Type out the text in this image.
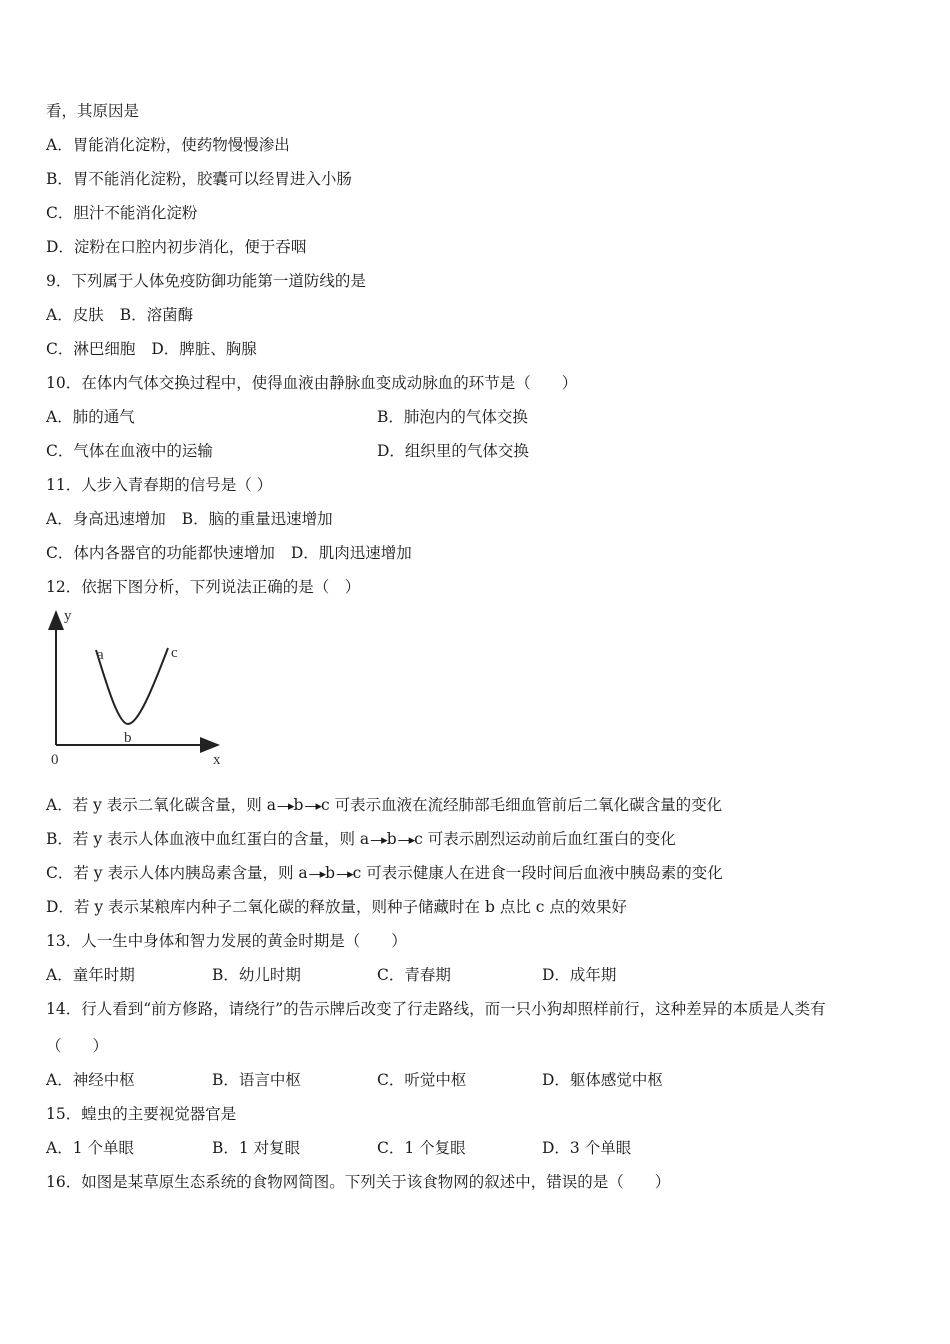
看，其原因是
A．胃能消化淀粉，使药物慢慢渗出
B．胃不能消化淀粉，胶囊可以经胃进入小肠
C．胆汁不能消化淀粉
D．淀粉在口腔内初步消化，便于吞咽
9．下列属于人体免疫防御功能第一道防线的是
A．皮肤 B．溶菌酶
C．淋巴细胞 D．脾脏、胸腺
10．在体内气体交换过程中，使得血液由静脉血变成动脉血的环节是（　　）
A．肺的通气	B．肺泡内的气体交换
C．气体在血液中的运输	D．组织里的气体交换
11．人步入青春期的信号是（ ）
A．身高迅速增加 B．脑的重量迅速增加
C．体内各器官的功能都快速增加 D．肌肉迅速增加
12．依据下图分析，下列说法正确的是（　）
y
x
0
a
b
c
A．若 y 表示二氧化碳含量，则 a—▸b—▸c 可表示血液在流经肺部毛细血管前后二氧化碳含量的变化
B．若 y 表示人体血液中血红蛋白的含量，则 a—▸b—▸c 可表示剧烈运动前后血红蛋白的变化
C．若 y 表示人体内胰岛素含量，则 a—▸b—▸c 可表示健康人在进食一段时间后血液中胰岛素的变化
D．若 y 表示某粮库内种子二氧化碳的释放量，则种子储藏时在 b 点比 c 点的效果好
13．人一生中身体和智力发展的黄金时期是（　　）
A．童年时期	B．幼儿时期	C．青春期	D．成年期
14．行人看到“前方修路，请绕行”的告示牌后改变了行走路线，而一只小狗却照样前行，这种差异的本质是人类有
（　　）
A．神经中枢	B．语言中枢	C．听觉中枢	D．躯体感觉中枢
15．蝗虫的主要视觉器官是
A．1 个单眼	B．1 对复眼	C．1 个复眼	D．3 个单眼
16．如图是某草原生态系统的食物网简图。下列关于该食物网的叙述中，错误的是（　　）
